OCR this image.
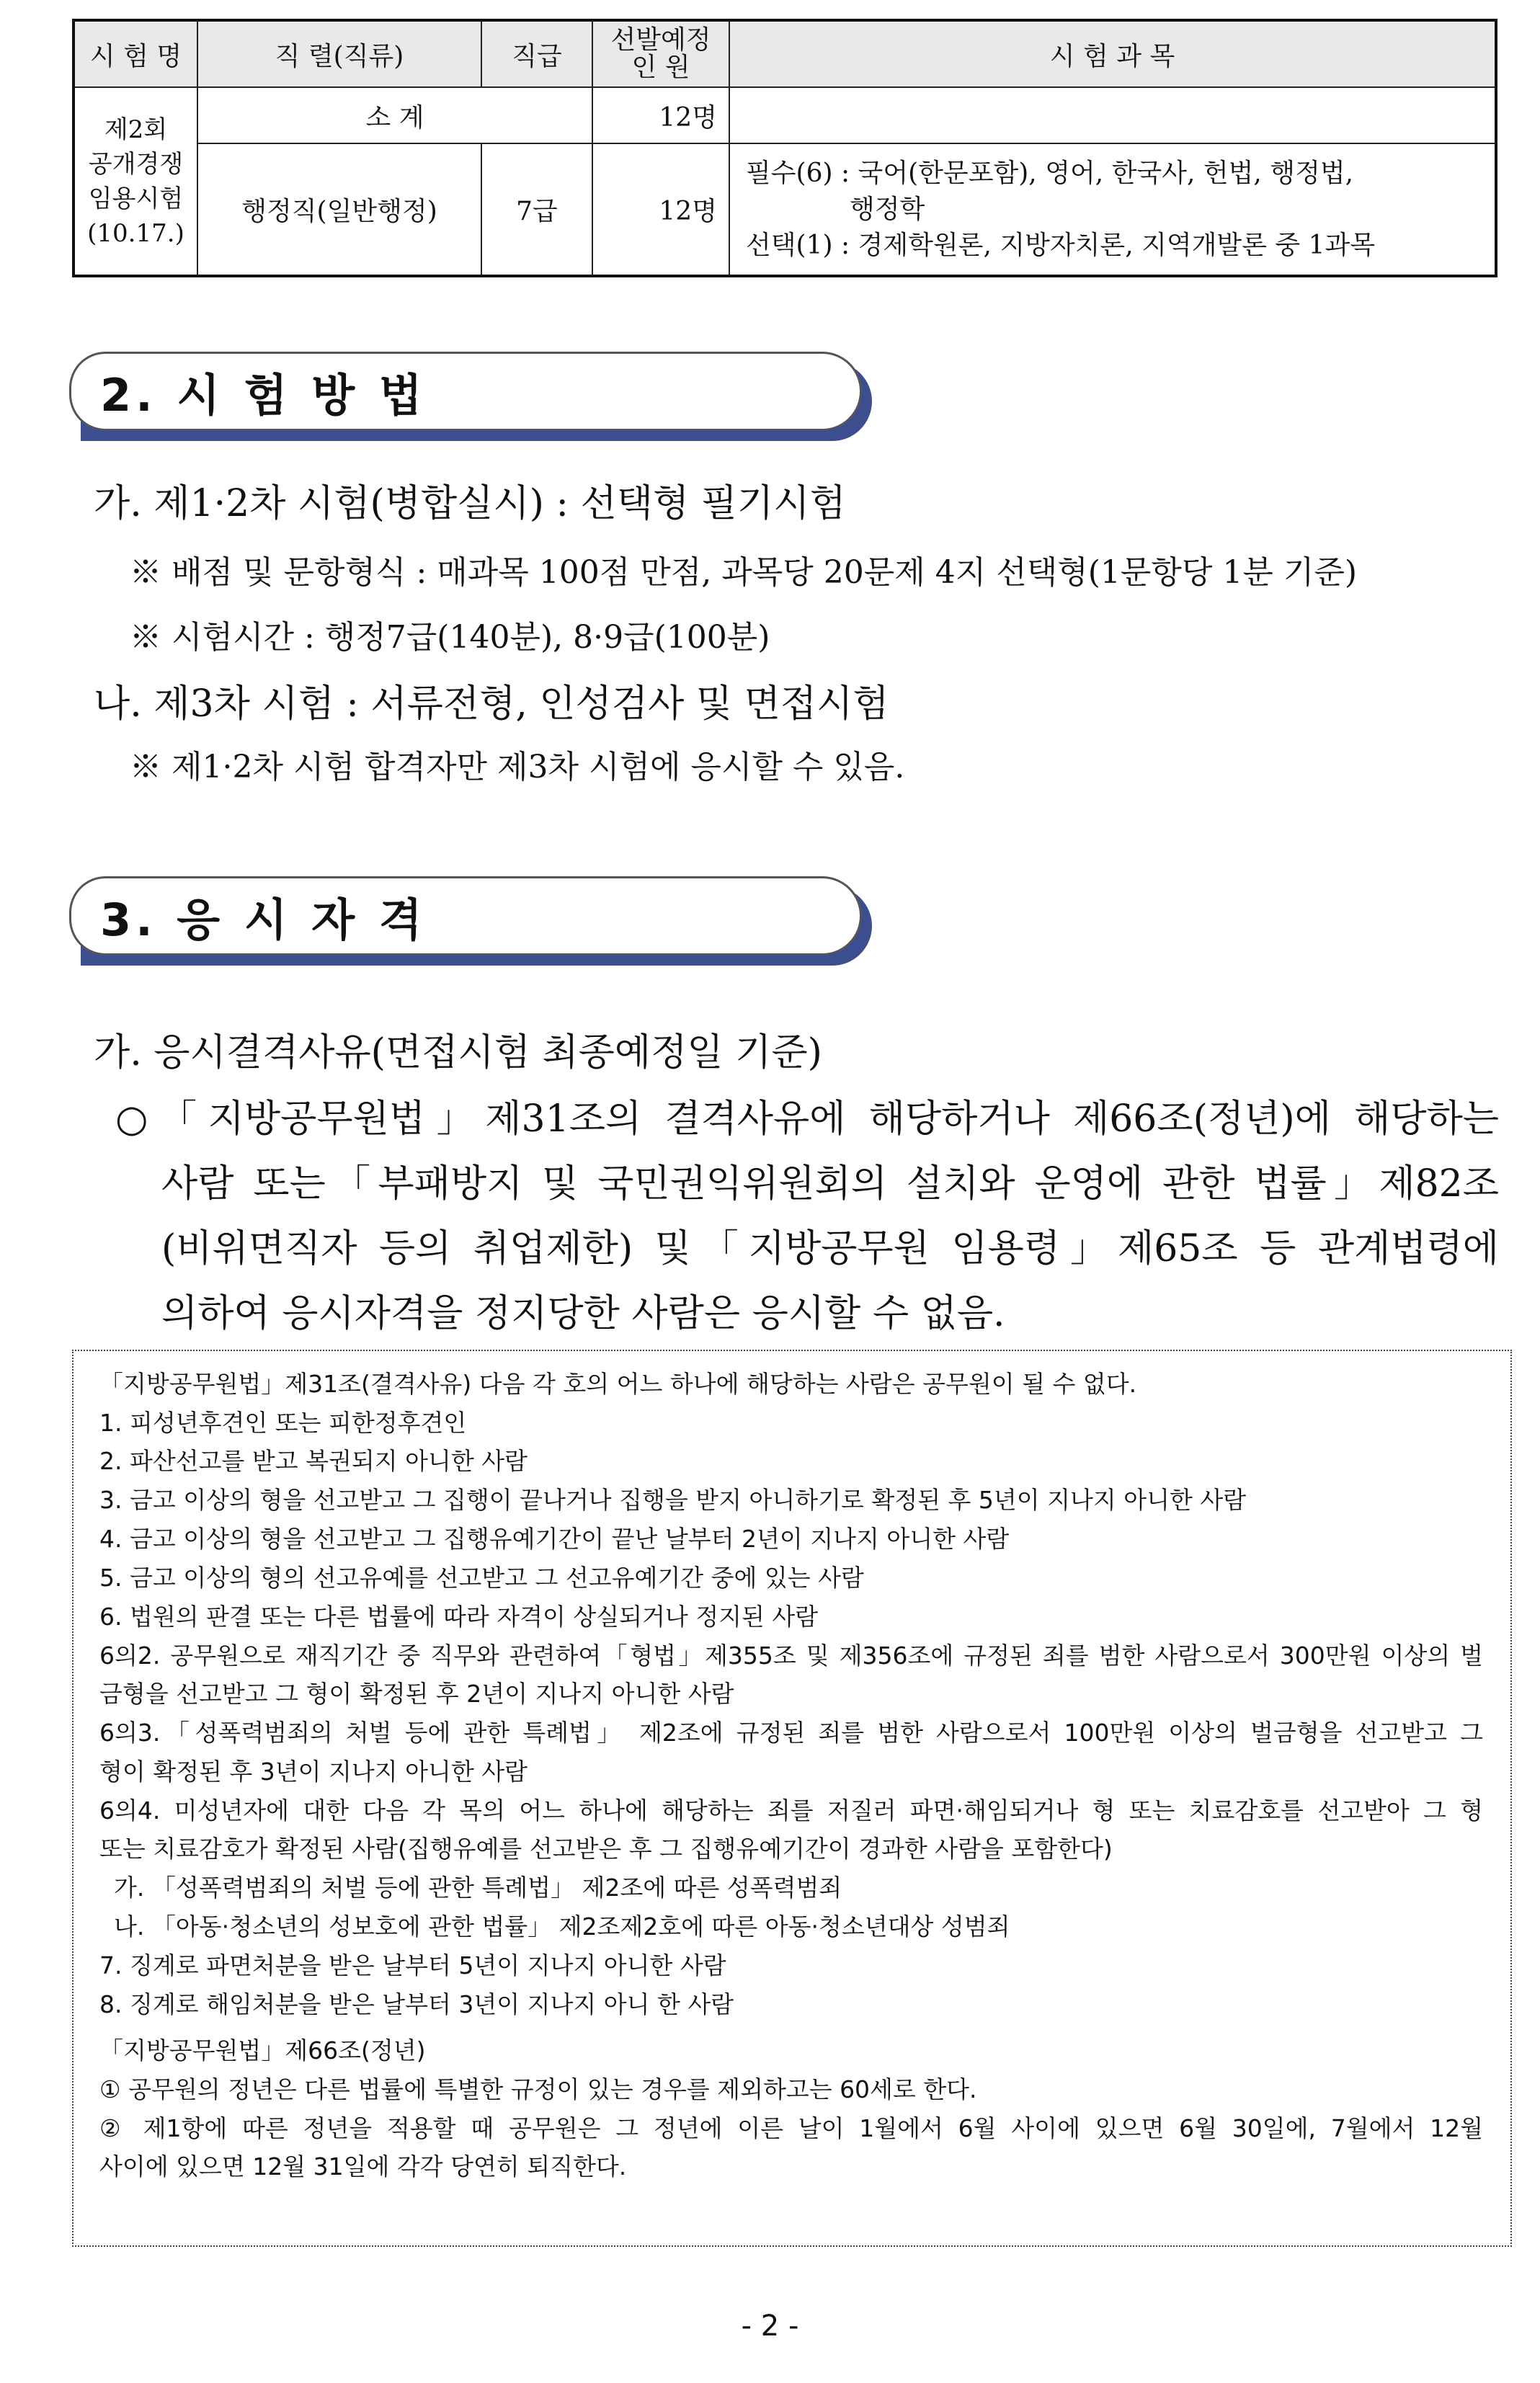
시 험 명	직 렬(직류)	직급	선발예정
인 원	시 험 과 목

제2회
공개경쟁
임용시험
(10.17.)	소 계		12명	
	행정직(일반행정)	7급	12명	필수(6) : 국어(한문포함), 영어, 한국사, 헌법, 행정법,
행정학
선택(1) : 경제학원론, 지방자치론, 지역개발론 중 1과목
2. 시 험 방 법
가. 제1·2차 시험(병합실시) : 선택형 필기시험
※ 배점 및 문항형식 : 매과목 100점 만점, 과목당 20문제 4지 선택형(1문항당 1분 기준)
※ 시험시간 : 행정7급(140분), 8·9급(100분)
나. 제3차 시험 : 서류전형, 인성검사 및 면접시험
※ 제1·2차 시험 합격자만 제3차 시험에 응시할 수 있음.
3. 응 시 자 격
가. 응시결격사유(면접시험 최종예정일 기준)
○「지방공무원법」제31조의 결격사유에 해당하거나 제66조(정년)에 해당하는
사람 또는「부패방지 및 국민권익위원회의 설치와 운영에 관한 법률」제82조
(비위면직자 등의 취업제한) 및「지방공무원 임용령」제65조 등 관계법령에
의하여 응시자격을 정지당한 사람은 응시할 수 없음.
「지방공무원법」제31조(결격사유) 다음 각 호의 어느 하나에 해당하는 사람은 공무원이 될 수 없다.
1. 피성년후견인 또는 피한정후견인
2. 파산선고를 받고 복권되지 아니한 사람
3. 금고 이상의 형을 선고받고 그 집행이 끝나거나 집행을 받지 아니하기로 확정된 후 5년이 지나지 아니한 사람
4. 금고 이상의 형을 선고받고 그 집행유예기간이 끝난 날부터 2년이 지나지 아니한 사람
5. 금고 이상의 형의 선고유예를 선고받고 그 선고유예기간 중에 있는 사람
6. 법원의 판결 또는 다른 법률에 따라 자격이 상실되거나 정지된 사람
6의2. 공무원으로 재직기간 중 직무와 관련하여「형법」제355조 및 제356조에 규정된 죄를 범한 사람으로서 300만원 이상의 벌
금형을 선고받고 그 형이 확정된 후 2년이 지나지 아니한 사람
6의3.「성폭력범죄의 처벌 등에 관한 특례법」 제2조에 규정된 죄를 범한 사람으로서 100만원 이상의 벌금형을 선고받고 그
형이 확정된 후 3년이 지나지 아니한 사람
6의4. 미성년자에 대한 다음 각 목의 어느 하나에 해당하는 죄를 저질러 파면·해임되거나 형 또는 치료감호를 선고받아 그 형
또는 치료감호가 확정된 사람(집행유예를 선고받은 후 그 집행유예기간이 경과한 사람을 포함한다)
가. 「성폭력범죄의 처벌 등에 관한 특례법」 제2조에 따른 성폭력범죄
나. 「아동·청소년의 성보호에 관한 법률」 제2조제2호에 따른 아동·청소년대상 성범죄
7. 징계로 파면처분을 받은 날부터 5년이 지나지 아니한 사람
8. 징계로 해임처분을 받은 날부터 3년이 지나지 아니 한 사람
「지방공무원법」제66조(정년)
① 공무원의 정년은 다른 법률에 특별한 규정이 있는 경우를 제외하고는 60세로 한다.
② 제1항에 따른 정년을 적용할 때 공무원은 그 정년에 이른 날이 1월에서 6월 사이에 있으면 6월 30일에, 7월에서 12월
사이에 있으면 12월 31일에 각각 당연히 퇴직한다.
- 2 -
